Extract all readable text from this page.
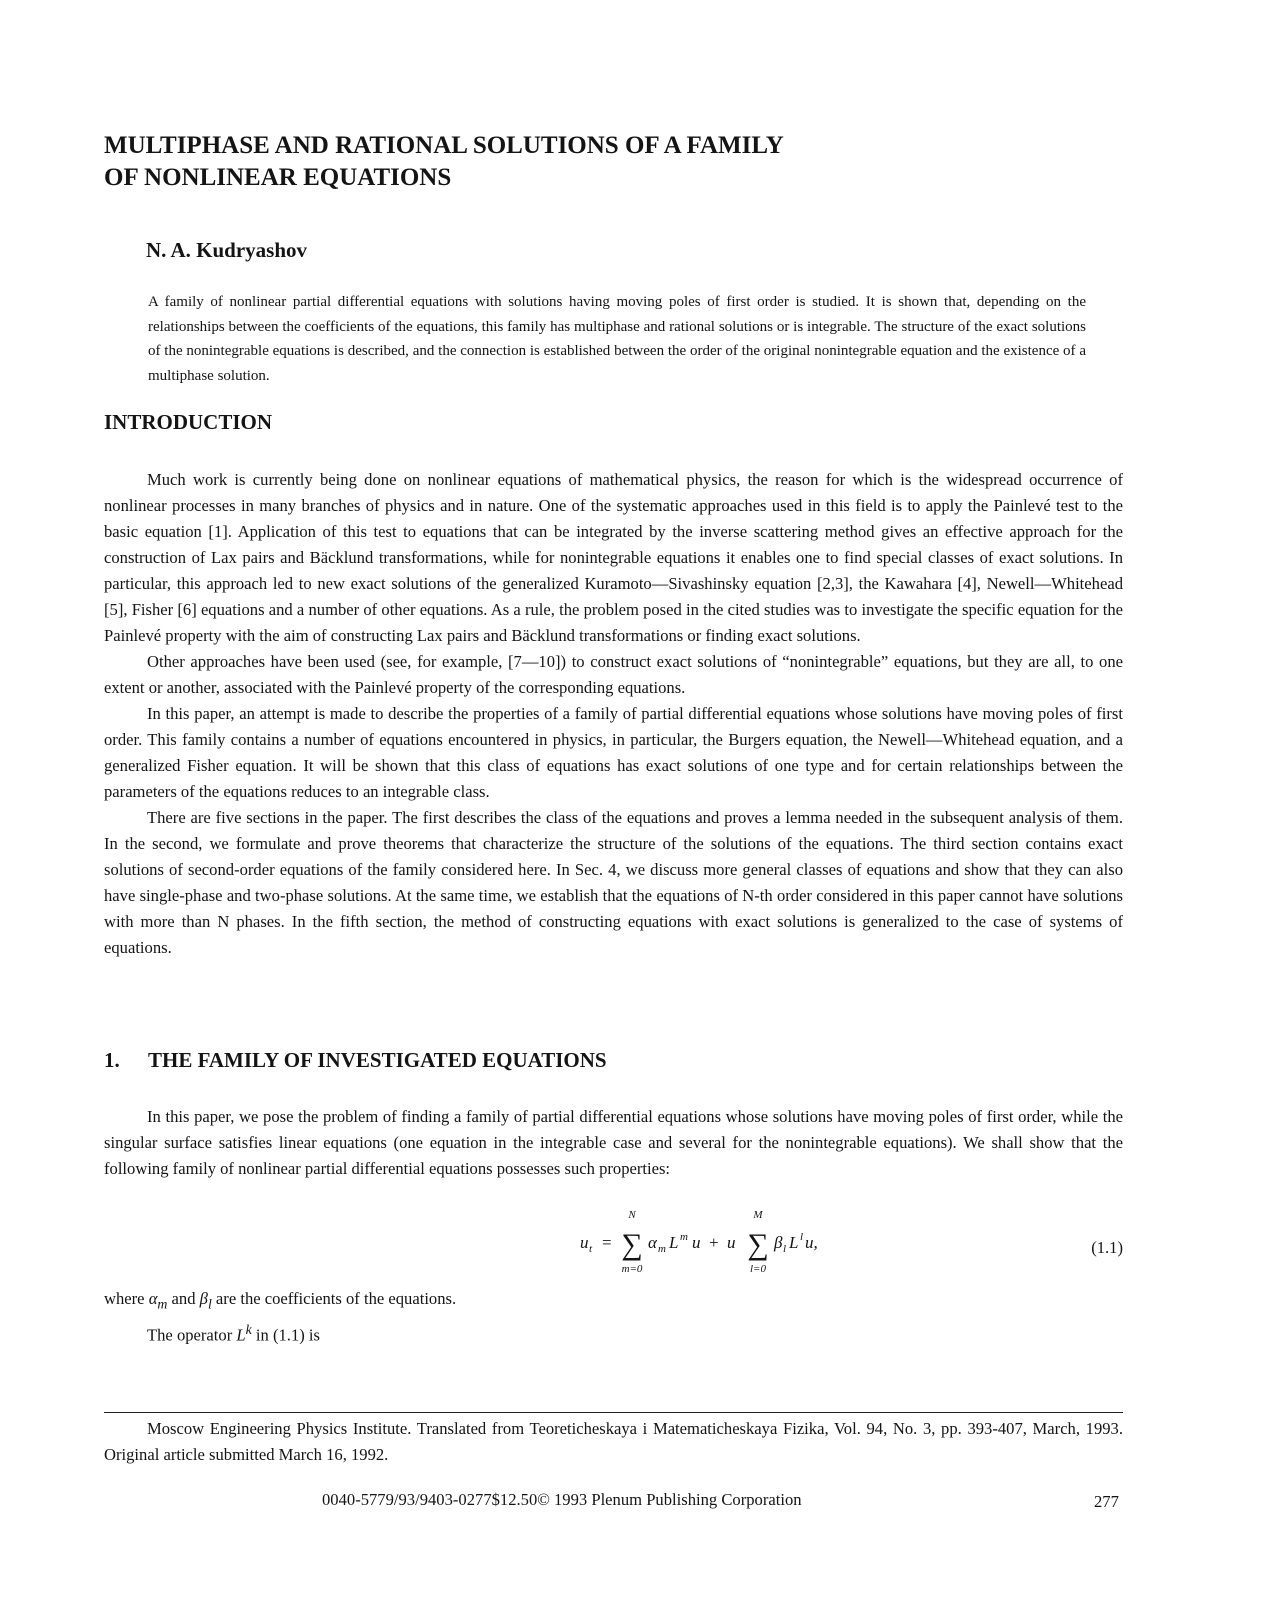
MULTIPHASE AND RATIONAL SOLUTIONS OF A FAMILY
OF NONLINEAR EQUATIONS

N. A. Kudryashov

A family of nonlinear partial differential equations with solutions having moving poles of first order is studied. It is shown that, depending on the relationships between the coefficients of the equations, this family has multiphase and rational solutions or is integrable. The structure of the exact solutions of the nonintegrable equations is described, and the connection is established between the order of the original nonintegrable equation and the existence of a multiphase solution.

INTRODUCTION

Much work is currently being done on nonlinear equations of mathematical physics, the reason for which is the widespread occurrence of nonlinear processes in many branches of physics and in nature. One of the systematic approaches used in this field is to apply the Painlevé test to the basic equation [1]. Application of this test to equations that can be integrated by the inverse scattering method gives an effective approach for the construction of Lax pairs and Bäcklund transformations, while for nonintegrable equations it enables one to find special classes of exact solutions. In particular, this approach led to new exact solutions of the generalized Kuramoto—Sivashinsky equation [2,3], the Kawahara [4], Newell—Whitehead [5], Fisher [6] equations and a number of other equations. As a rule, the problem posed in the cited studies was to investigate the specific equation for the Painlevé property with the aim of constructing Lax pairs and Bäcklund transformations or finding exact solutions.

Other approaches have been used (see, for example, [7—10]) to construct exact solutions of “nonintegrable” equations, but they are all, to one extent or another, associated with the Painlevé property of the corresponding equations.

In this paper, an attempt is made to describe the properties of a family of partial differential equations whose solutions have moving poles of first order. This family contains a number of equations encountered in physics, in particular, the Burgers equation, the Newell—Whitehead equation, and a generalized Fisher equation. It will be shown that this class of equations has exact solutions of one type and for certain relationships between the parameters of the equations reduces to an integrable class.

There are five sections in the paper. The first describes the class of the equations and proves a lemma needed in the subsequent analysis of them. In the second, we formulate and prove theorems that characterize the structure of the solutions of the equations. The third section contains exact solutions of second-order equations of the family considered here. In Sec. 4, we discuss more general classes of equations and show that they can also have single-phase and two-phase solutions. At the same time, we establish that the equations of N-th order considered in this paper cannot have solutions with more than N phases. In the fifth section, the method of constructing equations with exact solutions is generalized to the case of systems of equations.

1. THE FAMILY OF INVESTIGATED EQUATIONS

In this paper, we pose the problem of finding a family of partial differential equations whose solutions have moving poles of first order, while the singular surface satisfies linear equations (one equation in the integrable case and several for the nonintegrable equations). We shall show that the following family of nonlinear partial differential equations possesses such properties:

u t =
N
∑
m=0
α m L m u + u
M
∑
l=0
β l L l u,	(1.1)

where $\alpha_m$ and $\beta_l$ are the coefficients of the equations.

The operator $L^k$ in (1.1) is

Moscow Engineering Physics Institute. Translated from Teoreticheskaya i Matematicheskaya Fizika, Vol. 94, No. 3, pp. 393-407, March, 1993. Original article submitted March 16, 1992.

0040-5779/93/9403-0277$12.50© 1993 Plenum Publishing Corporation	277
